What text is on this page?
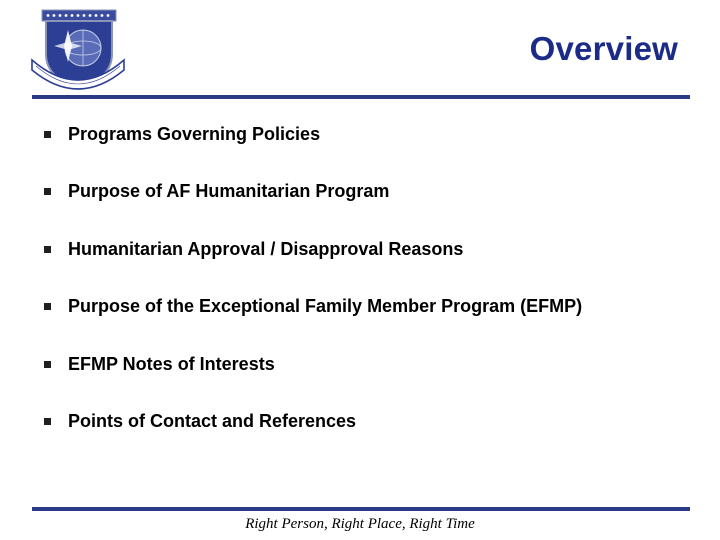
Overview
Programs Governing Policies
Purpose of AF Humanitarian Program
Humanitarian Approval / Disapproval Reasons
Purpose of the Exceptional Family Member Program (EFMP)
EFMP Notes of Interests
Points of Contact and References
Right Person, Right Place, Right Time
